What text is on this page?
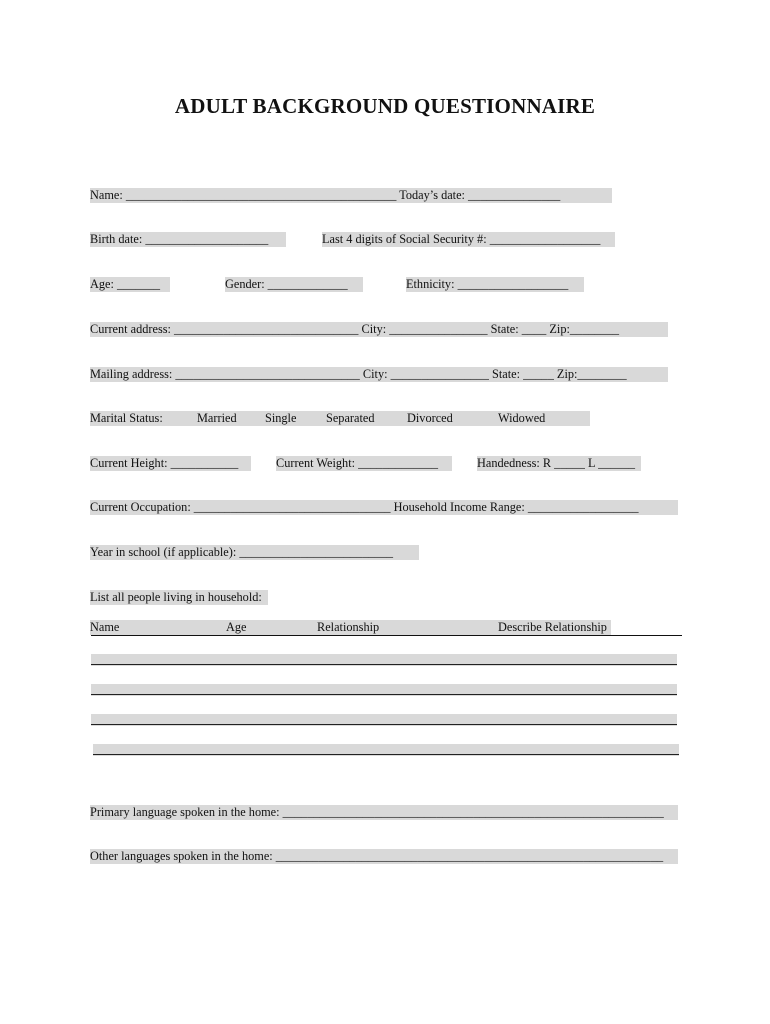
ADULT BACKGROUND QUESTIONNAIRE
Name: ____________________________________________ Today’s date: _______________
Birth date: ____________________	Last 4 digits of Social Security #: __________________
Age: _______	Gender: _____________	Ethnicity: __________________
Current address: ______________________________ City: ________________ State: ____ Zip:________
Mailing address: ______________________________ City: ________________ State: _____ Zip:________
Marital Status:	Married Single Separated	Divorced	Widowed
Current Height: ___________	Current Weight: _____________	Handedness: R _____ L ______
Current Occupation: ________________________________ Household Income Range: __________________
Year in school (if applicable): _________________________
List all people living in household:
Name	Age	Relationship	Describe Relationship
Primary language spoken in the home: ______________________________________________________________
Other languages spoken in the home: _______________________________________________________________
